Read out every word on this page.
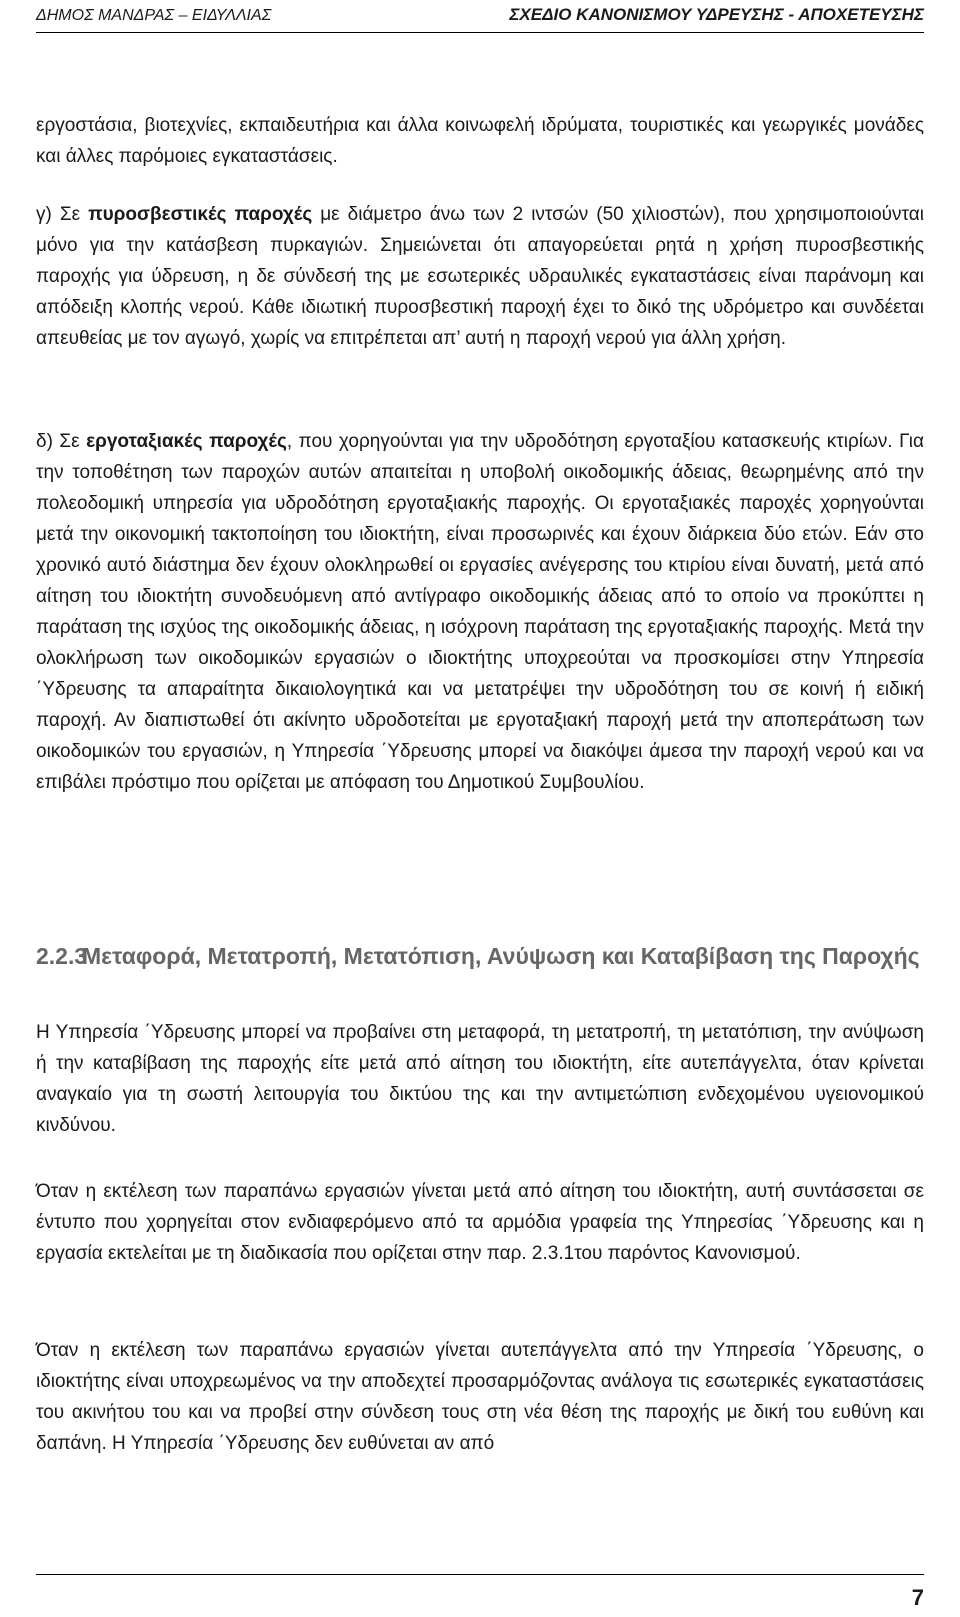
ΔΗΜΟΣ ΜΑΝΔΡΑΣ – ΕΙΔΥΛΛΙΑΣ	ΣΧΕΔΙΟ ΚΑΝΟΝΙΣΜΟΥ ΥΔΡΕΥΣΗΣ - ΑΠΟΧΕΤΕΥΣΗΣ

εργοστάσια, βιοτεχνίες, εκπαιδευτήρια και άλλα κοινωφελή ιδρύματα, τουριστικές και γεωργικές μονάδες και άλλες παρόμοιες εγκαταστάσεις.

γ) Σε πυροσβεστικές παροχές με διάμετρο άνω των 2 ιντσών (50 χιλιοστών), που χρησιμοποιούνται μόνο για την κατάσβεση πυρκαγιών. Σημειώνεται ότι απαγορεύεται ρητά η χρήση πυροσβεστικής παροχής για ύδρευση, η δε σύνδεσή της με εσωτερικές υδραυλικές εγκαταστάσεις είναι παράνομη και απόδειξη κλοπής νερού. Κάθε ιδιωτική πυροσβεστική παροχή έχει το δικό της υδρόμετρο και συνδέεται απευθείας με τον αγωγό, χωρίς να επιτρέπεται απ’ αυτή η παροχή νερού για άλλη χρήση.

δ) Σε εργοταξιακές παροχές, που χορηγούνται για την υδροδότηση εργοταξίου κατασκευής κτιρίων. Για την τοποθέτηση των παροχών αυτών απαιτείται η υποβολή οικοδομικής άδειας, θεωρημένης από την πολεοδομική υπηρεσία για υδροδότηση εργοταξιακής παροχής. Οι εργοταξιακές παροχές χορηγούνται μετά την οικονομική τακτοποίηση του ιδιοκτήτη, είναι προσωρινές και έχουν διάρκεια δύο ετών. Εάν στο χρονικό αυτό διάστημα δεν έχουν ολοκληρωθεί οι εργασίες ανέγερσης του κτιρίου είναι δυνατή, μετά από αίτηση του ιδιοκτήτη συνοδευόμενη από αντίγραφο οικοδομικής άδειας από το οποίο να προκύπτει η παράταση της ισχύος της οικοδομικής άδειας, η ισόχρονη παράταση της εργοταξιακής παροχής. Μετά την ολοκλήρωση των οικοδομικών εργασιών ο ιδιοκτήτης υποχρεούται να προσκομίσει στην Υπηρεσία ΄Υδρευσης τα απαραίτητα δικαιολογητικά και να μετατρέψει την υδροδότηση του σε κοινή ή ειδική παροχή. Αν διαπιστωθεί ότι ακίνητο υδροδοτείται με εργοταξιακή παροχή μετά την αποπεράτωση των οικοδομικών του εργασιών, η Υπηρεσία ΄Υδρευσης μπορεί να διακόψει άμεσα την παροχή νερού και να επιβάλει πρόστιμο που ορίζεται με απόφαση του Δημοτικού Συμβουλίου.

2.2.3
Μεταφορά, Μετατροπή, Μετατόπιση, Ανύψωση και Καταβίβαση της Παροχής

Η Υπηρεσία ΄Υδρευσης μπορεί να προβαίνει στη μεταφορά, τη μετατροπή, τη μετατόπιση, την ανύψωση ή την καταβίβαση της παροχής είτε μετά από αίτηση του ιδιοκτήτη, είτε αυτεπάγγελτα, όταν κρίνεται αναγκαίο για τη σωστή λειτουργία του δικτύου της και την αντιμετώπιση ενδεχομένου υγειονομικού κινδύνου.

Όταν η εκτέλεση των παραπάνω εργασιών γίνεται μετά από αίτηση του ιδιοκτήτη, αυτή συντάσσεται σε έντυπο που χορηγείται στον ενδιαφερόμενο από τα αρμόδια γραφεία της Υπηρεσίας ΄Υδρευσης και η εργασία εκτελείται με τη διαδικασία που ορίζεται στην παρ. 2.3.1του παρόντος Κανονισμού.

Όταν η εκτέλεση των παραπάνω εργασιών γίνεται αυτεπάγγελτα από την Υπηρεσία ΄Υδρευσης, ο ιδιοκτήτης είναι υποχρεωμένος να την αποδεχτεί προσαρμόζοντας ανάλογα τις εσωτερικές εγκαταστάσεις του ακινήτου του και να προβεί στην σύνδεση τους στη νέα θέση της παροχής με δική του ευθύνη και δαπάνη. Η Υπηρεσία ΄Υδρευσης δεν ευθύνεται αν από

7
